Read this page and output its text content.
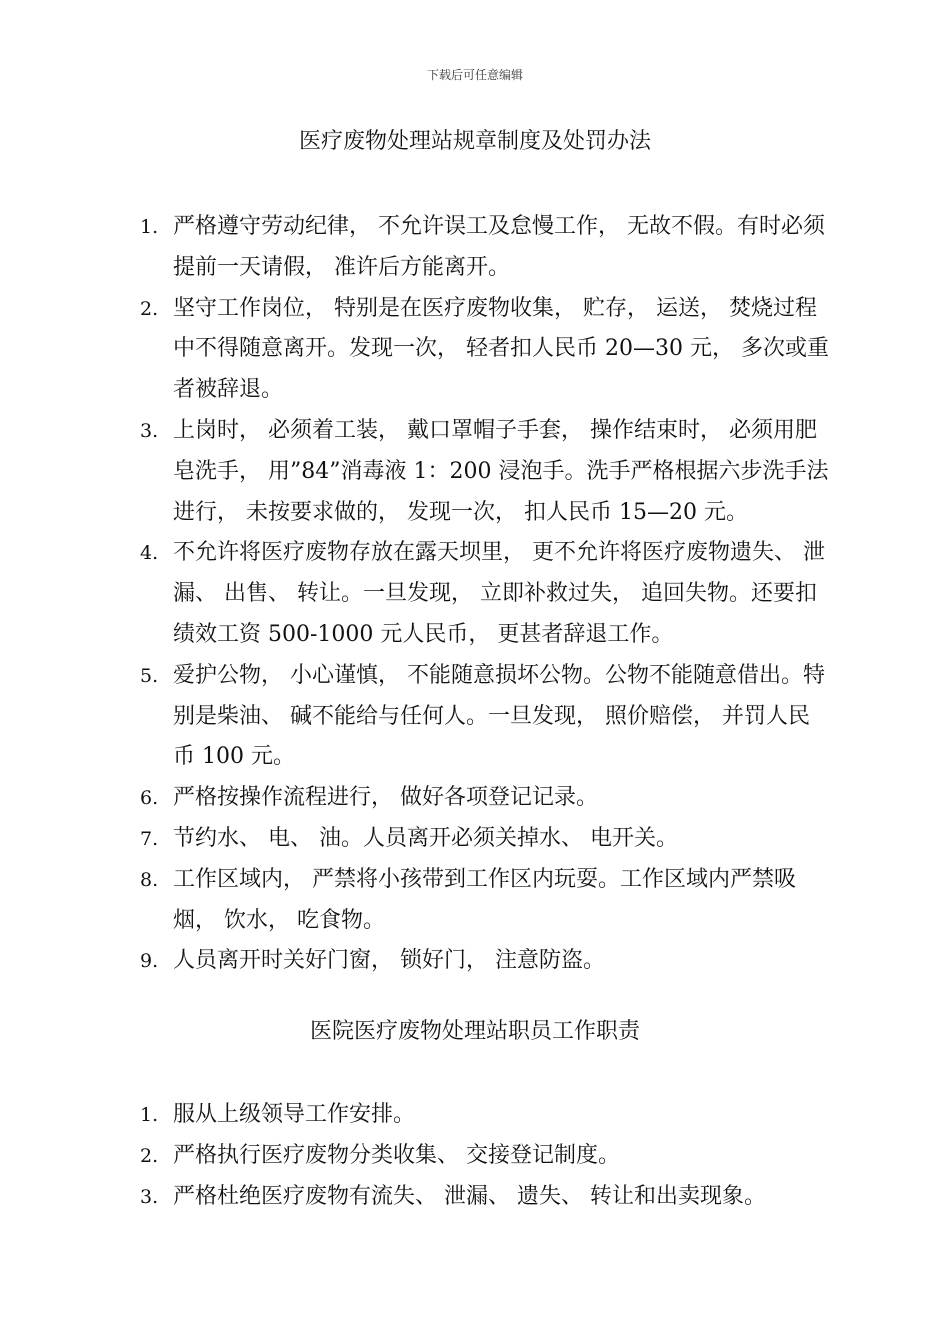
下载后可任意编辑
医疗废物处理站规章制度及处罚办法
1. 严格遵守劳动纪律， 不允许误工及怠慢工作， 无故不假。有时必须提前一天请假， 准许后方能离开。
2. 坚守工作岗位， 特别是在医疗废物收集， 贮存， 运送， 焚烧过程中不得随意离开。发现一次， 轻者扣人民币 20—30 元， 多次或重者被辞退。
3. 上岗时， 必须着工装， 戴口罩帽子手套， 操作结束时， 必须用肥皂洗手， 用”84”消毒液 1：200 浸泡手。洗手严格根据六步洗手法进行， 未按要求做的， 发现一次， 扣人民币 15—20 元。
4. 不允许将医疗废物存放在露天坝里， 更不允许将医疗废物遗失、 泄漏、 出售、 转让。一旦发现， 立即补救过失， 追回失物。还要扣绩效工资 500-1000 元人民币， 更甚者辞退工作。
5. 爱护公物， 小心谨慎， 不能随意损坏公物。公物不能随意借出。特别是柴油、 碱不能给与任何人。一旦发现， 照价赔偿， 并罚人民币 100 元。
6. 严格按操作流程进行， 做好各项登记记录。
7. 节约水、 电、 油。人员离开必须关掉水、 电开关。
8. 工作区域内， 严禁将小孩带到工作区内玩耍。工作区域内严禁吸烟， 饮水， 吃食物。
9. 人员离开时关好门窗， 锁好门， 注意防盗。
医院医疗废物处理站职员工作职责
1. 服从上级领导工作安排。
2. 严格执行医疗废物分类收集、 交接登记制度。
3. 严格杜绝医疗废物有流失、 泄漏、 遗失、 转让和出卖现象。
